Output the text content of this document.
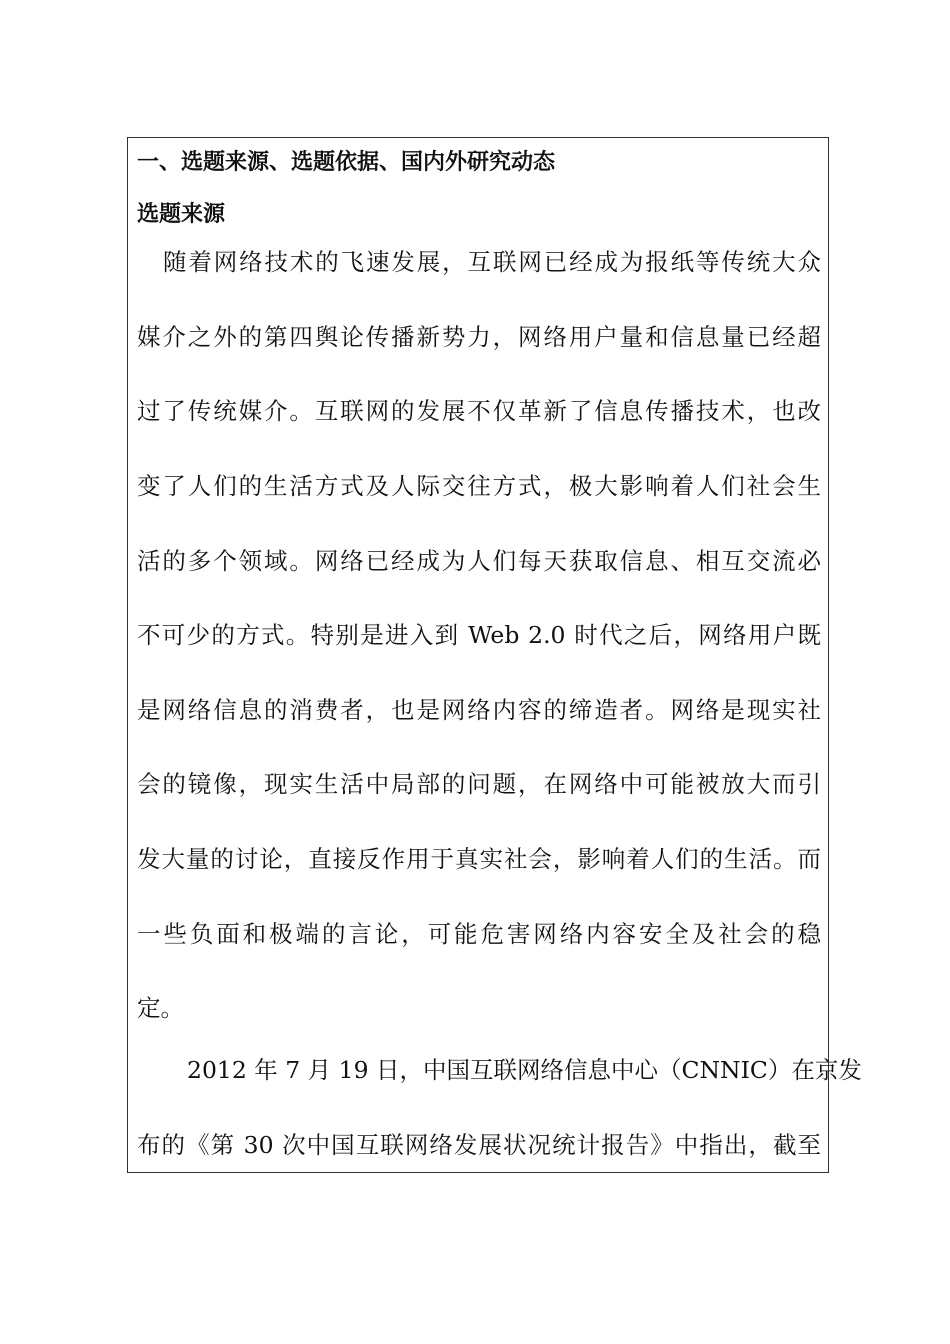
一、选题来源、选题依据、国内外研究动态
选题来源
随着网络技术的飞速发展，互联网已经成为报纸等传统大众
媒介之外的第四舆论传播新势力，网络用户量和信息量已经超
过了传统媒介。互联网的发展不仅革新了信息传播技术，也改
变了人们的生活方式及人际交往方式，极大影响着人们社会生
活的多个领域。网络已经成为人们每天获取信息、相互交流必
不可少的方式。特别是进入到 Web 2.0 时代之后，网络用户既
是网络信息的消费者，也是网络内容的缔造者。网络是现实社
会的镜像，现实生活中局部的问题，在网络中可能被放大而引
发大量的讨论，直接反作用于真实社会，影响着人们的生活。而
一些负面和极端的言论，可能危害网络内容安全及社会的稳
定。
2012 年 7 月 19 日，中国互联网络信息中心（CNNIC）在京发
布的《第 30 次中国互联网络发展状况统计报告》中指出，截至
